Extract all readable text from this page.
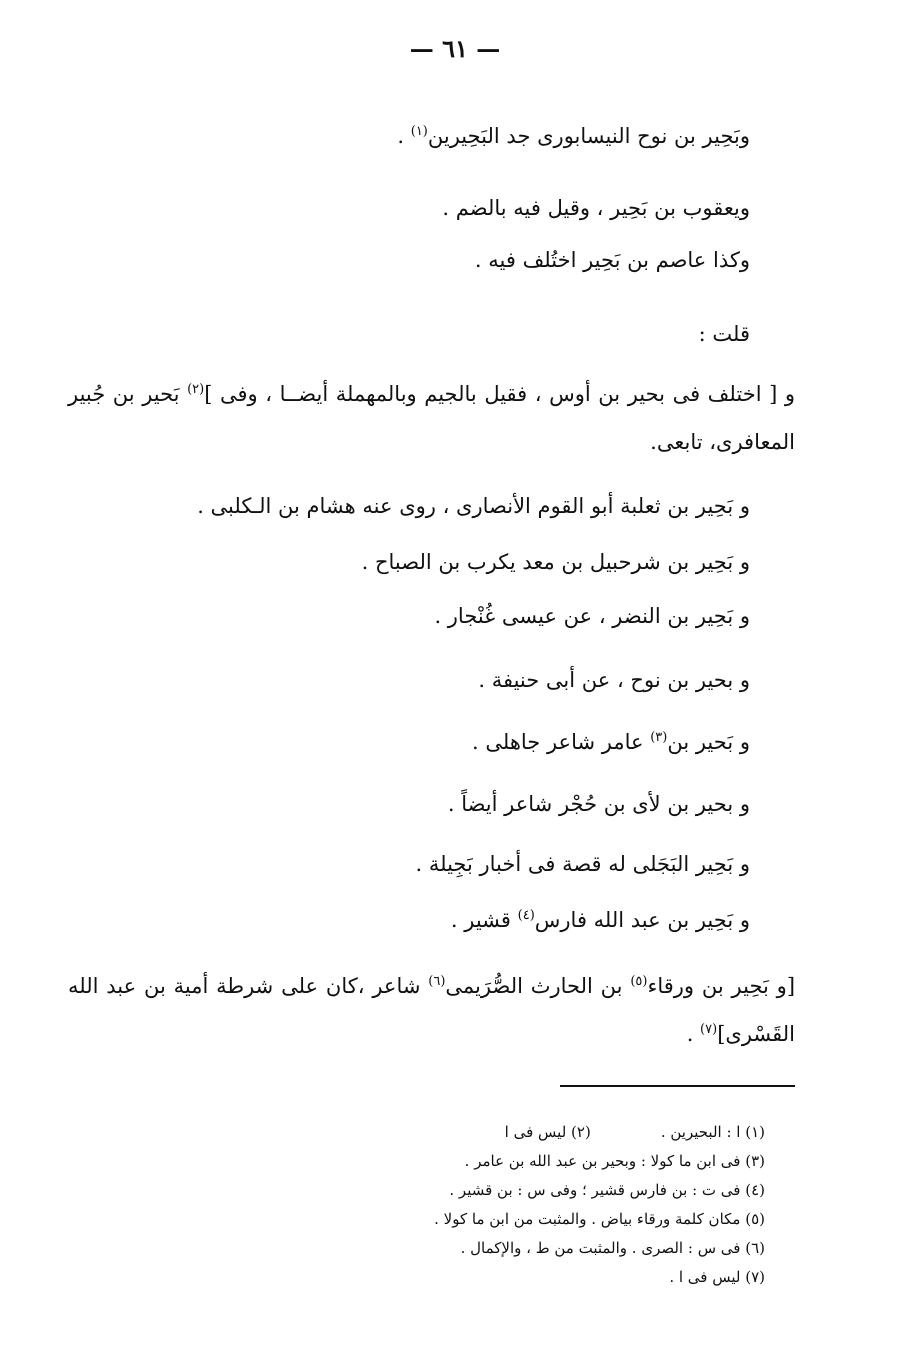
— ٦١ —
وبَحِير بن نوح النيسابورى جد البَحِيرين$^{(١)}$ .
ويعقوب بن بَحِير ، وقيل فيه بالضم .
وكذا عاصم بن بَحِير اختُلف فيه .
قلت :
و [ اختلف فى بحير بن أوس ، فقيل بالجيم وبالمهملة أيضــا ، وفى ]$^{(٢)}$ بَحير بن جُبير المعافرى، تابعى.
و بَحِير بن ثعلبة أبو القوم الأنصارى ، روى عنه هشام بن الـكلبى .
و بَحِير بن شرحبيل بن معد يكرب بن الصباح .
و بَحِير بن النضر ، عن عيسى غُنْجار .
و بحير بن نوح ، عن أبى حنيفة .
و بَحير بن$^{(٣)}$ عامر شاعر جاهلى .
و بحير بن لأى بن حُجْر شاعر أيضاً .
و بَحِير البَجَلى له قصة فى أخبار بَجِيلة .
و بَحِير بن عبد الله فارس$^{(٤)}$ قشير .
[و بَحِير بن ورقاء$^{(٥)}$ بن الحارث الصُّرَيمى$^{(٦)}$ شاعر ،كان على شرطة أمية بن عبد الله القَسْرى]$^{(٧)}$ .
(١) ا : البحيرين .(٢) ليس فى ا
(٣) فى ابن ما كولا : وبحير بن عبد الله بن عامر .
(٤) فى ت : بن فارس قشير ؛ وفى س : بن قشير .
(٥) مكان كلمة ورقاء بياض . والمثبت من ابن ما كولا .
(٦) فى س : الصرى . والمثبت من ط ، والإكمال .
(٧) ليس فى ا .
